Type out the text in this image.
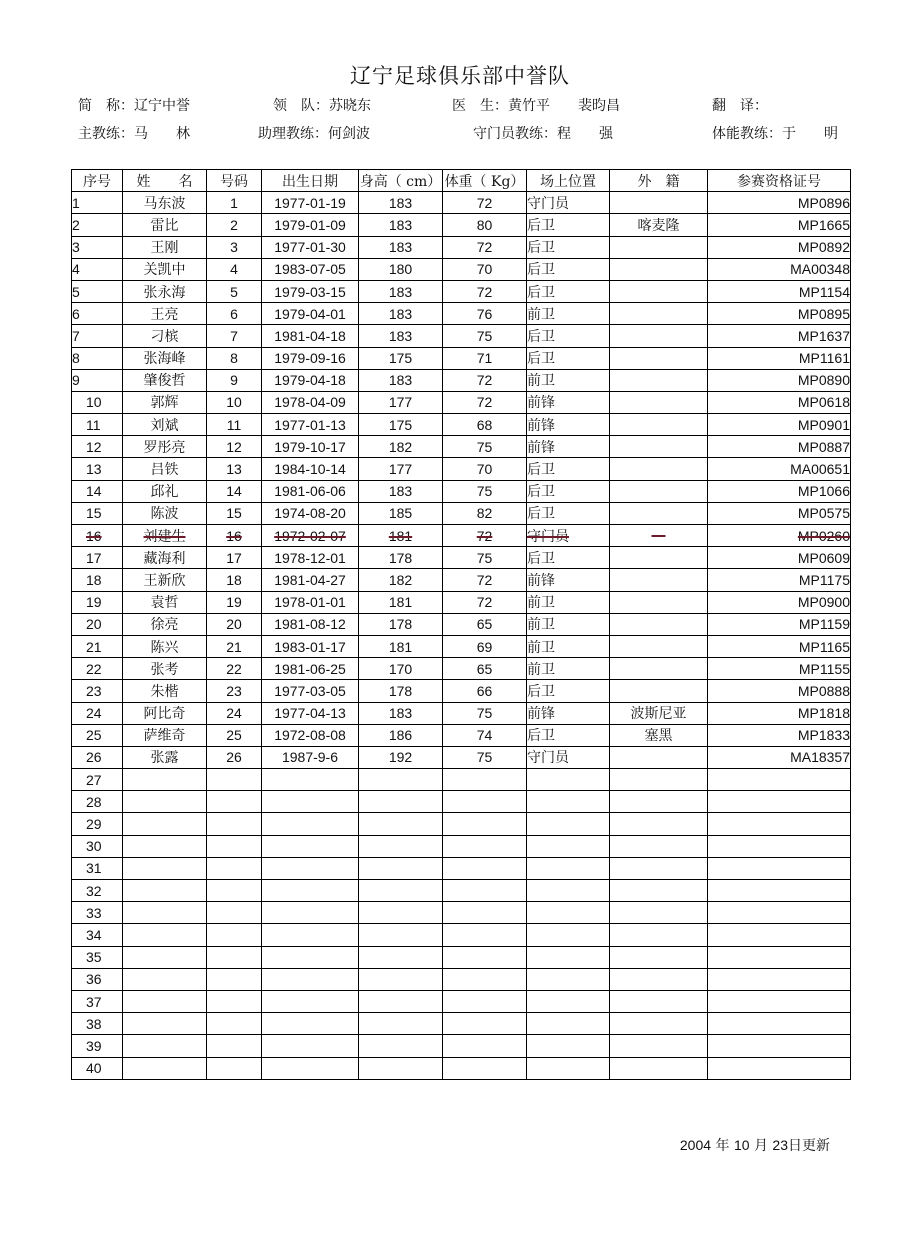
辽宁足球俱乐部中誉队
简　称：辽宁中誉	领　队：苏晓东	医　生：黄竹平　　裴昀昌	翻　译：
主教练：马　　林	助理教练：何剑波	守门员教练：程　　强	体能教练：于　　明
序号	姓　　名	号码	出生日期	身高（ cm）	体重（ Kg）	场上位置	外　籍	参赛资格证号
1	马东波	1	1977-01-19	183	72	守门员		MP0896
2	雷比	2	1979-01-09	183	80	后卫	喀麦隆	MP1665
3	王刚	3	1977-01-30	183	72	后卫		MP0892
4	关凯中	4	1983-07-05	180	70	后卫		MA00348
5	张永海	5	1979-03-15	183	72	后卫		MP1154
6	王亮	6	1979-04-01	183	76	前卫		MP0895
7	刁槟	7	1981-04-18	183	75	后卫		MP1637
8	张海峰	8	1979-09-16	175	71	后卫		MP1161
9	肇俊哲	9	1979-04-18	183	72	前卫		MP0890
10	郭辉	10	1978-04-09	177	72	前锋		MP0618
11	刘斌	11	1977-01-13	175	68	前锋		MP0901
12	罗彤亮	12	1979-10-17	182	75	前锋		MP0887
13	吕铁	13	1984-10-14	177	70	后卫		MA00651
14	邱礼	14	1981-06-06	183	75	后卫		MP1066
15	陈波	15	1974-08-20	185	82	后卫		MP0575
16	刘建生	16	1972-02-07	181	72	守门员	—	MP0260
17	藏海利	17	1978-12-01	178	75	后卫		MP0609
18	王新欣	18	1981-04-27	182	72	前锋		MP1175
19	袁哲	19	1978-01-01	181	72	前卫		MP0900
20	徐亮	20	1981-08-12	178	65	前卫		MP1159
21	陈兴	21	1983-01-17	181	69	前卫		MP1165
22	张考	22	1981-06-25	170	65	前卫		MP1155
23	朱楷	23	1977-03-05	178	66	后卫		MP0888
24	阿比奇	24	1977-04-13	183	75	前锋	波斯尼亚	MP1818
25	萨维奇	25	1972-08-08	186	74	后卫	塞黑	MP1833
26	张露	26	1987-9-6	192	75	守门员		MA18357
27								
28								
29								
30								
31								
32								
33								
34								
35								
36								
37								
38								
39								
40								
2004 年 10 月 23日更新
